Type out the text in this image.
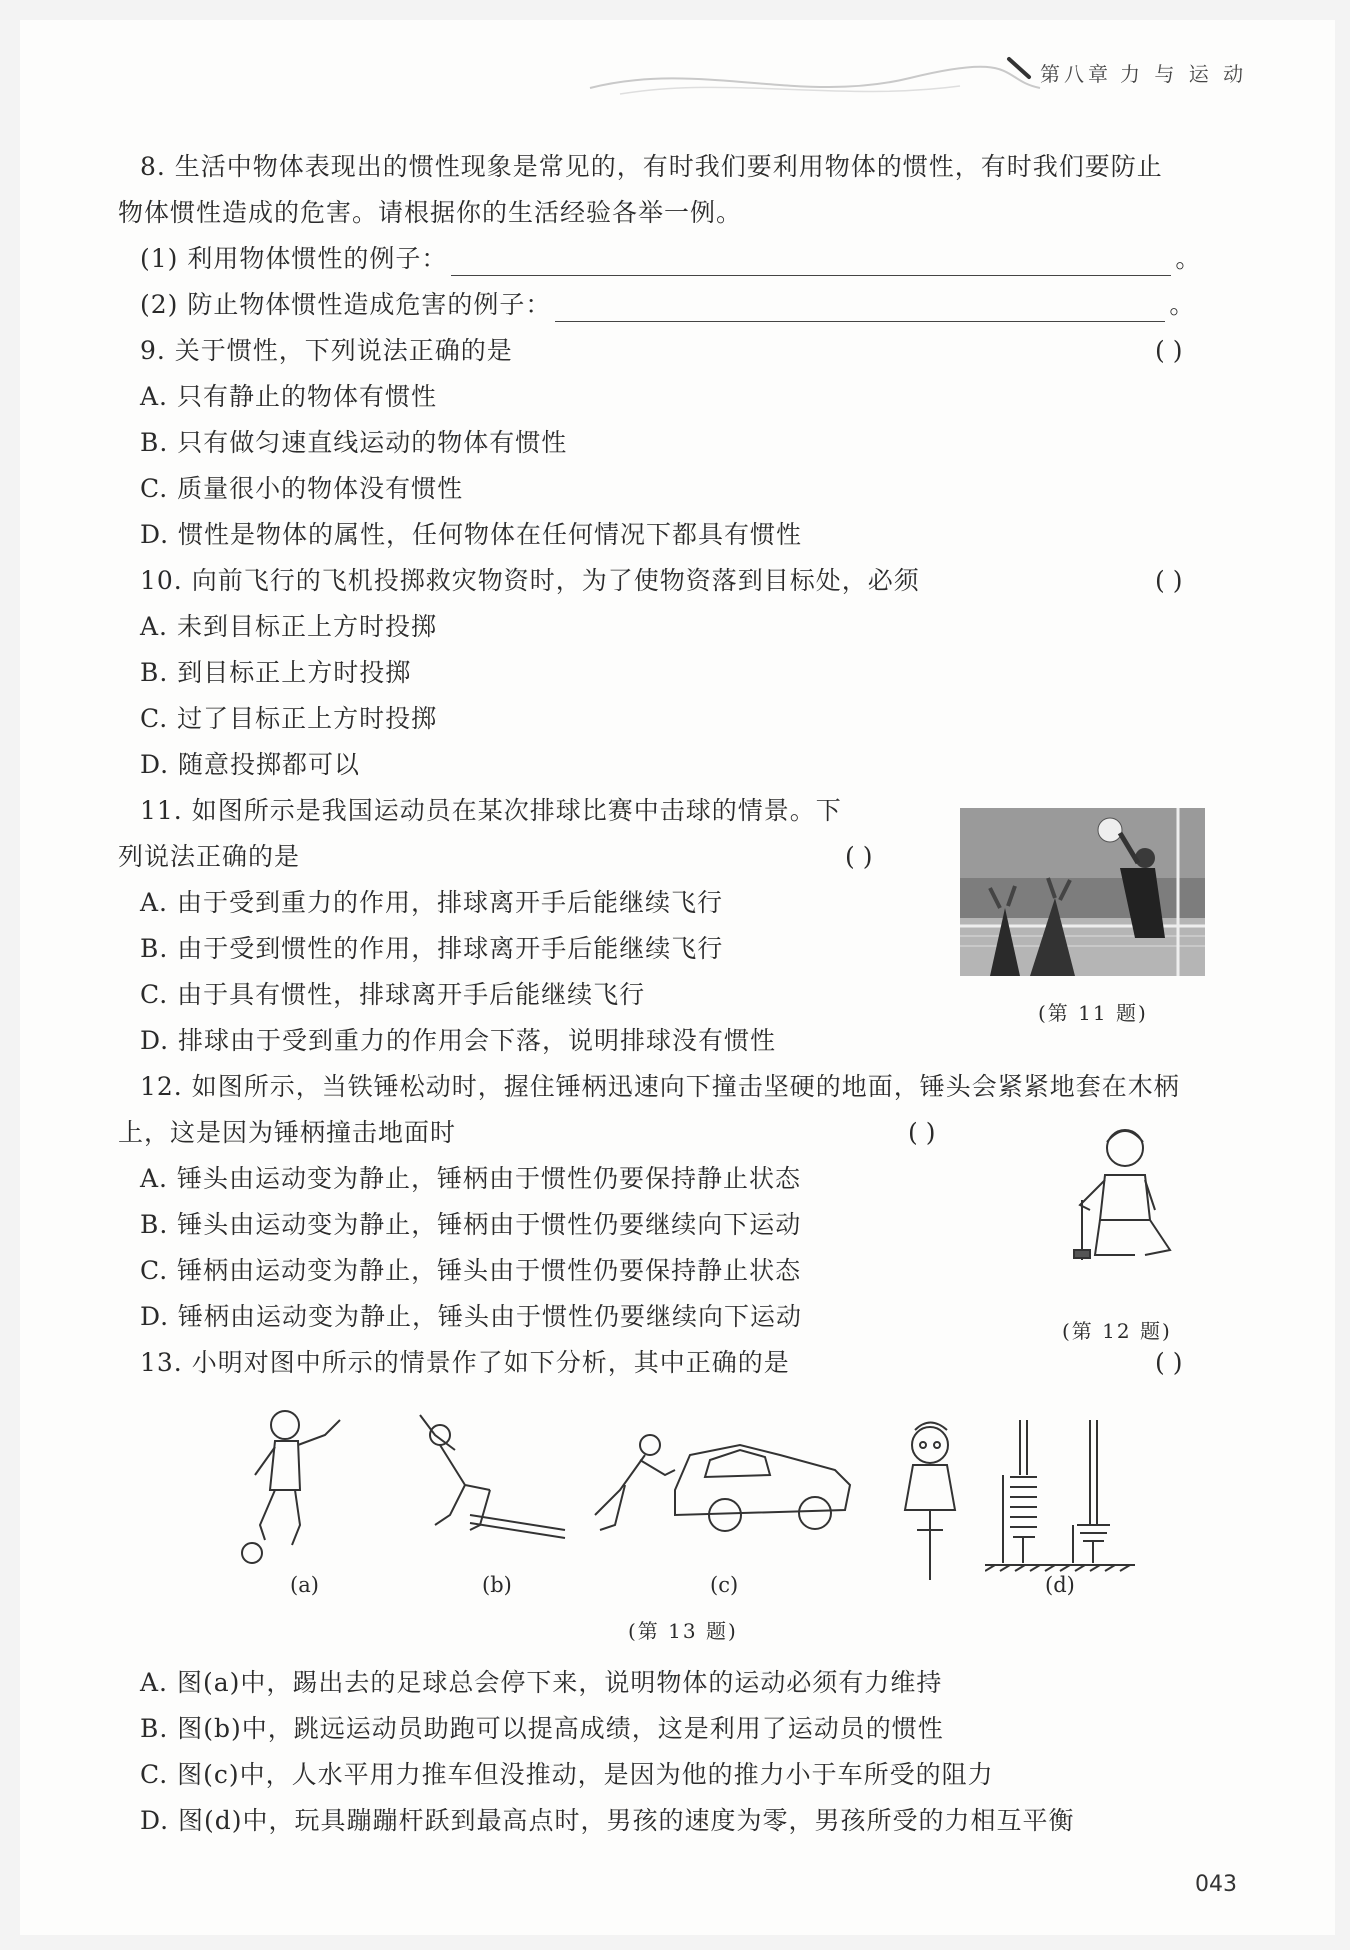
第八章 力 与 运 动
8. 生活中物体表现出的惯性现象是常见的，有时我们要利用物体的惯性，有时我们要防止
物体惯性造成的危害。请根据你的生活经验各举一例。
(1) 利用物体惯性的例子：	。
(2) 防止物体惯性造成危害的例子：	。
9. 关于惯性，下列说法正确的是	( )
A. 只有静止的物体有惯性
B. 只有做匀速直线运动的物体有惯性
C. 质量很小的物体没有惯性
D. 惯性是物体的属性，任何物体在任何情况下都具有惯性
10. 向前飞行的飞机投掷救灾物资时，为了使物资落到目标处，必须	( )
A. 未到目标正上方时投掷
B. 到目标正上方时投掷
C. 过了目标正上方时投掷
D. 随意投掷都可以
11. 如图所示是我国运动员在某次排球比赛中击球的情景。下
列说法正确的是	( )
A. 由于受到重力的作用，排球离开手后能继续飞行
B. 由于受到惯性的作用，排球离开手后能继续飞行
C. 由于具有惯性，排球离开手后能继续飞行
D. 排球由于受到重力的作用会下落，说明排球没有惯性
(第 11 题)
12. 如图所示，当铁锤松动时，握住锤柄迅速向下撞击坚硬的地面，锤头会紧紧地套在木柄
上，这是因为锤柄撞击地面时	( )
A. 锤头由运动变为静止，锤柄由于惯性仍要保持静止状态
B. 锤头由运动变为静止，锤柄由于惯性仍要继续向下运动
C. 锤柄由运动变为静止，锤头由于惯性仍要保持静止状态
D. 锤柄由运动变为静止，锤头由于惯性仍要继续向下运动	(第 12 题)
13. 小明对图中所示的情景作了如下分析，其中正确的是	( )
(a)	(b)	(c)	(d)
(第 13 题)
A. 图(a)中，踢出去的足球总会停下来，说明物体的运动必须有力维持
B. 图(b)中，跳远运动员助跑可以提高成绩，这是利用了运动员的惯性
C. 图(c)中，人水平用力推车但没推动，是因为他的推力小于车所受的阻力
D. 图(d)中，玩具蹦蹦杆跃到最高点时，男孩的速度为零，男孩所受的力相互平衡
043
